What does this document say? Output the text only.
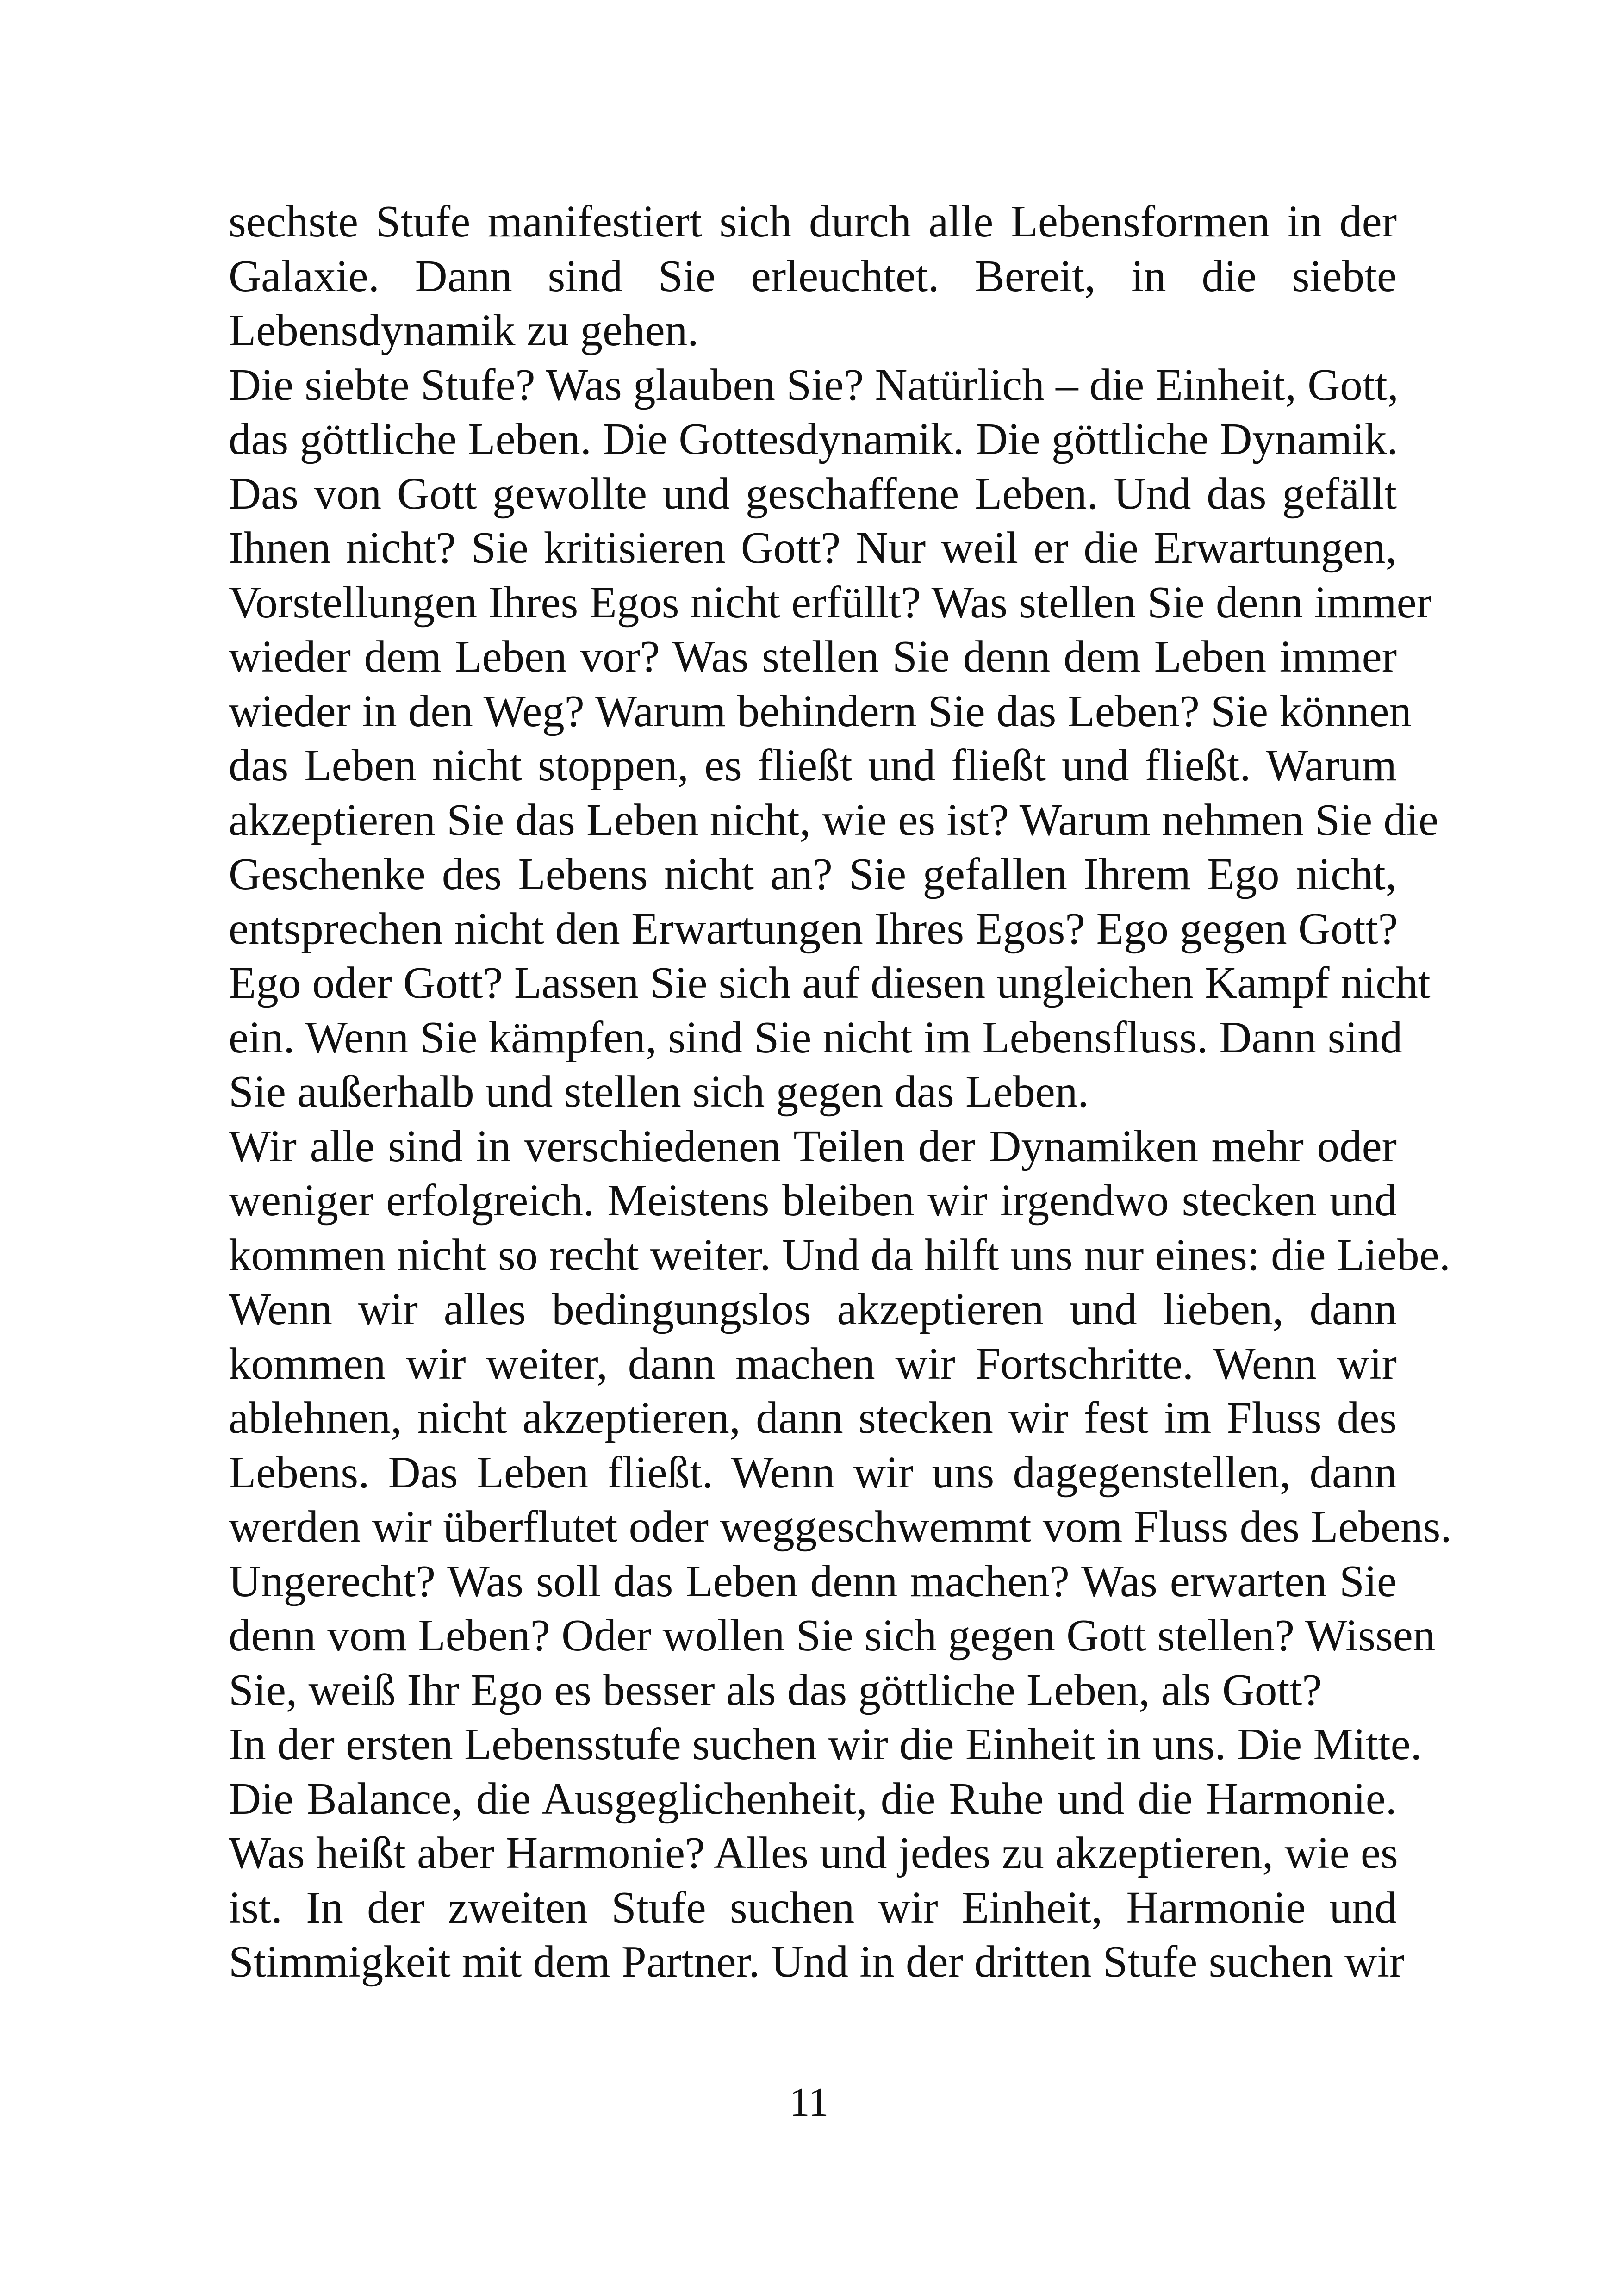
sechste Stufe manifestiert sich durch alle Lebensformen in der
Galaxie. Dann sind Sie erleuchtet. Bereit, in die siebte
Lebensdynamik zu gehen.
Die siebte Stufe? Was glauben Sie? Natürlich – die Einheit, Gott,
das göttliche Leben. Die Gottesdynamik. Die göttliche Dynamik.
Das von Gott gewollte und geschaffene Leben. Und das gefällt
Ihnen nicht? Sie kritisieren Gott? Nur weil er die Erwartungen,
Vorstellungen Ihres Egos nicht erfüllt? Was stellen Sie denn immer
wieder dem Leben vor? Was stellen Sie denn dem Leben immer
wieder in den Weg? Warum behindern Sie das Leben? Sie können
das Leben nicht stoppen, es fließt und fließt und fließt. Warum
akzeptieren Sie das Leben nicht, wie es ist? Warum nehmen Sie die
Geschenke des Lebens nicht an? Sie gefallen Ihrem Ego nicht,
entsprechen nicht den Erwartungen Ihres Egos? Ego gegen Gott?
Ego oder Gott? Lassen Sie sich auf diesen ungleichen Kampf nicht
ein. Wenn Sie kämpfen, sind Sie nicht im Lebensfluss. Dann sind
Sie außerhalb und stellen sich gegen das Leben.
Wir alle sind in verschiedenen Teilen der Dynamiken mehr oder
weniger erfolgreich. Meistens bleiben wir irgendwo stecken und
kommen nicht so recht weiter. Und da hilft uns nur eines: die Liebe.
Wenn wir alles bedingungslos akzeptieren und lieben, dann
kommen wir weiter, dann machen wir Fortschritte. Wenn wir
ablehnen, nicht akzeptieren, dann stecken wir fest im Fluss des
Lebens. Das Leben fließt. Wenn wir uns dagegenstellen, dann
werden wir überflutet oder weggeschwemmt vom Fluss des Lebens.
Ungerecht? Was soll das Leben denn machen? Was erwarten Sie
denn vom Leben? Oder wollen Sie sich gegen Gott stellen? Wissen
Sie, weiß Ihr Ego es besser als das göttliche Leben, als Gott?
In der ersten Lebensstufe suchen wir die Einheit in uns. Die Mitte.
Die Balance, die Ausgeglichenheit, die Ruhe und die Harmonie.
Was heißt aber Harmonie? Alles und jedes zu akzeptieren, wie es
ist. In der zweiten Stufe suchen wir Einheit, Harmonie und
Stimmigkeit mit dem Partner. Und in der dritten Stufe suchen wir
11
